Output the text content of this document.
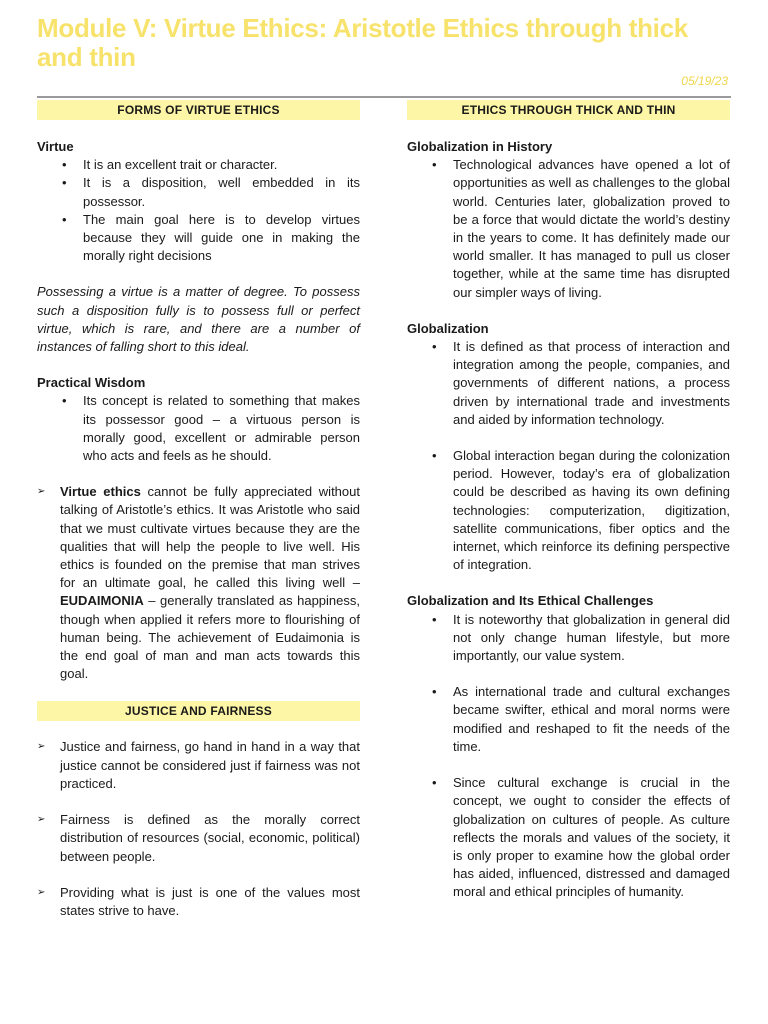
Module V: Virtue Ethics: Aristotle Ethics through thick and thin
05/19/23
FORMS OF VIRTUE ETHICS

Virtue

• It is an excellent trait or character.
• It is a disposition, well embedded in its possessor.
• The main goal here is to develop virtues because they will guide one in making the morally right decisions

Possessing a virtue is a matter of degree. To possess such a disposition fully is to possess full or perfect virtue, which is rare, and there are a number of instances of falling short to this ideal.

Practical Wisdom

• Its concept is related to something that makes its possessor good – a virtuous person is morally good, excellent or admirable person who acts and feels as he should.
➢ Virtue ethics cannot be fully appreciated without talking of Aristotle’s ethics. It was Aristotle who said that we must cultivate virtues because they are the qualities that will help the people to live well. His ethics is founded on the premise that man strives for an ultimate goal, he called this living well – EUDAIMONIA – generally translated as happiness, though when applied it refers more to flourishing of human being. The achievement of Eudaimonia is the end goal of man and man acts towards this goal.
JUSTICE AND FAIRNESS
➢ Justice and fairness, go hand in hand in a way that justice cannot be considered just if fairness was not practiced.
➢ Fairness is defined as the morally correct distribution of resources (social, economic, political) between people.
➢ Providing what is just is one of the values most states strive to have.
ETHICS THROUGH THICK AND THIN

Globalization in History

• Technological advances have opened a lot of opportunities as well as challenges to the global world. Centuries later, globalization proved to be a force that would dictate the world’s destiny in the years to come. It has definitely made our world smaller. It has managed to pull us closer together, while at the same time has disrupted our simpler ways of living.

Globalization

• It is defined as that process of interaction and integration among the people, companies, and governments of different nations, a process driven by international trade and investments and aided by information technology.
• Global interaction began during the colonization period. However, today’s era of globalization could be described as having its own defining technologies: computerization, digitization, satellite communications, fiber optics and the internet, which reinforce its defining perspective of integration.

Globalization and Its Ethical Challenges

• It is noteworthy that globalization in general did not only change human lifestyle, but more importantly, our value system.
• As international trade and cultural exchanges became swifter, ethical and moral norms were modified and reshaped to fit the needs of the time.
• Since cultural exchange is crucial in the concept, we ought to consider the effects of globalization on cultures of people. As culture reflects the morals and values of the society, it is only proper to examine how the global order has aided, influenced, distressed and damaged moral and ethical principles of humanity.
